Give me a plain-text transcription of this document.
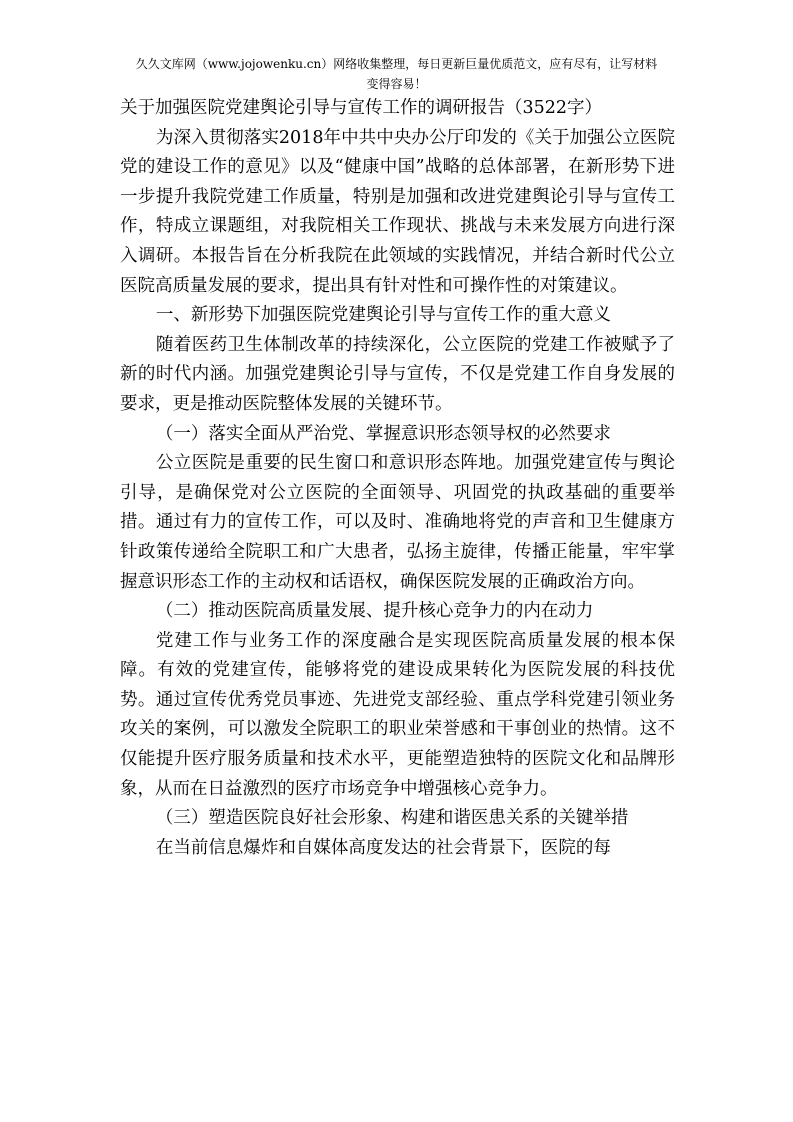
久久文库网（www.jojowenku.cn）网络收集整理，每日更新巨量优质范文，应有尽有，让写材料
变得容易！

关于加强医院党建舆论引导与宣传工作的调研报告（3522字）

为深入贯彻落实2018年中共中央办公厅印发的《关于加强公立医院党的建设工作的意见》以及“健康中国”战略的总体部署，在新形势下进一步提升我院党建工作质量，特别是加强和改进党建舆论引导与宣传工作，特成立课题组，对我院相关工作现状、挑战与未来发展方向进行深入调研。本报告旨在分析我院在此领域的实践情况，并结合新时代公立医院高质量发展的要求，提出具有针对性和可操作性的对策建议。

一、新形势下加强医院党建舆论引导与宣传工作的重大意义

随着医药卫生体制改革的持续深化，公立医院的党建工作被赋予了新的时代内涵。加强党建舆论引导与宣传，不仅是党建工作自身发展的要求，更是推动医院整体发展的关键环节。

（一）落实全面从严治党、掌握意识形态领导权的必然要求

公立医院是重要的民生窗口和意识形态阵地。加强党建宣传与舆论引导，是确保党对公立医院的全面领导、巩固党的执政基础的重要举措。通过有力的宣传工作，可以及时、准确地将党的声音和卫生健康方针政策传递给全院职工和广大患者，弘扬主旋律，传播正能量，牢牢掌握意识形态工作的主动权和话语权，确保医院发展的正确政治方向。

（二）推动医院高质量发展、提升核心竞争力的内在动力

党建工作与业务工作的深度融合是实现医院高质量发展的根本保障。有效的党建宣传，能够将党的建设成果转化为医院发展的科技优势。通过宣传优秀党员事迹、先进党支部经验、重点学科党建引领业务攻关的案例，可以激发全院职工的职业荣誉感和干事创业的热情。这不仅能提升医疗服务质量和技术水平，更能塑造独特的医院文化和品牌形象，从而在日益激烈的医疗市场竞争中增强核心竞争力。

（三）塑造医院良好社会形象、构建和谐医患关系的关键举措

在当前信息爆炸和自媒体高度发达的社会背景下，医院的每
